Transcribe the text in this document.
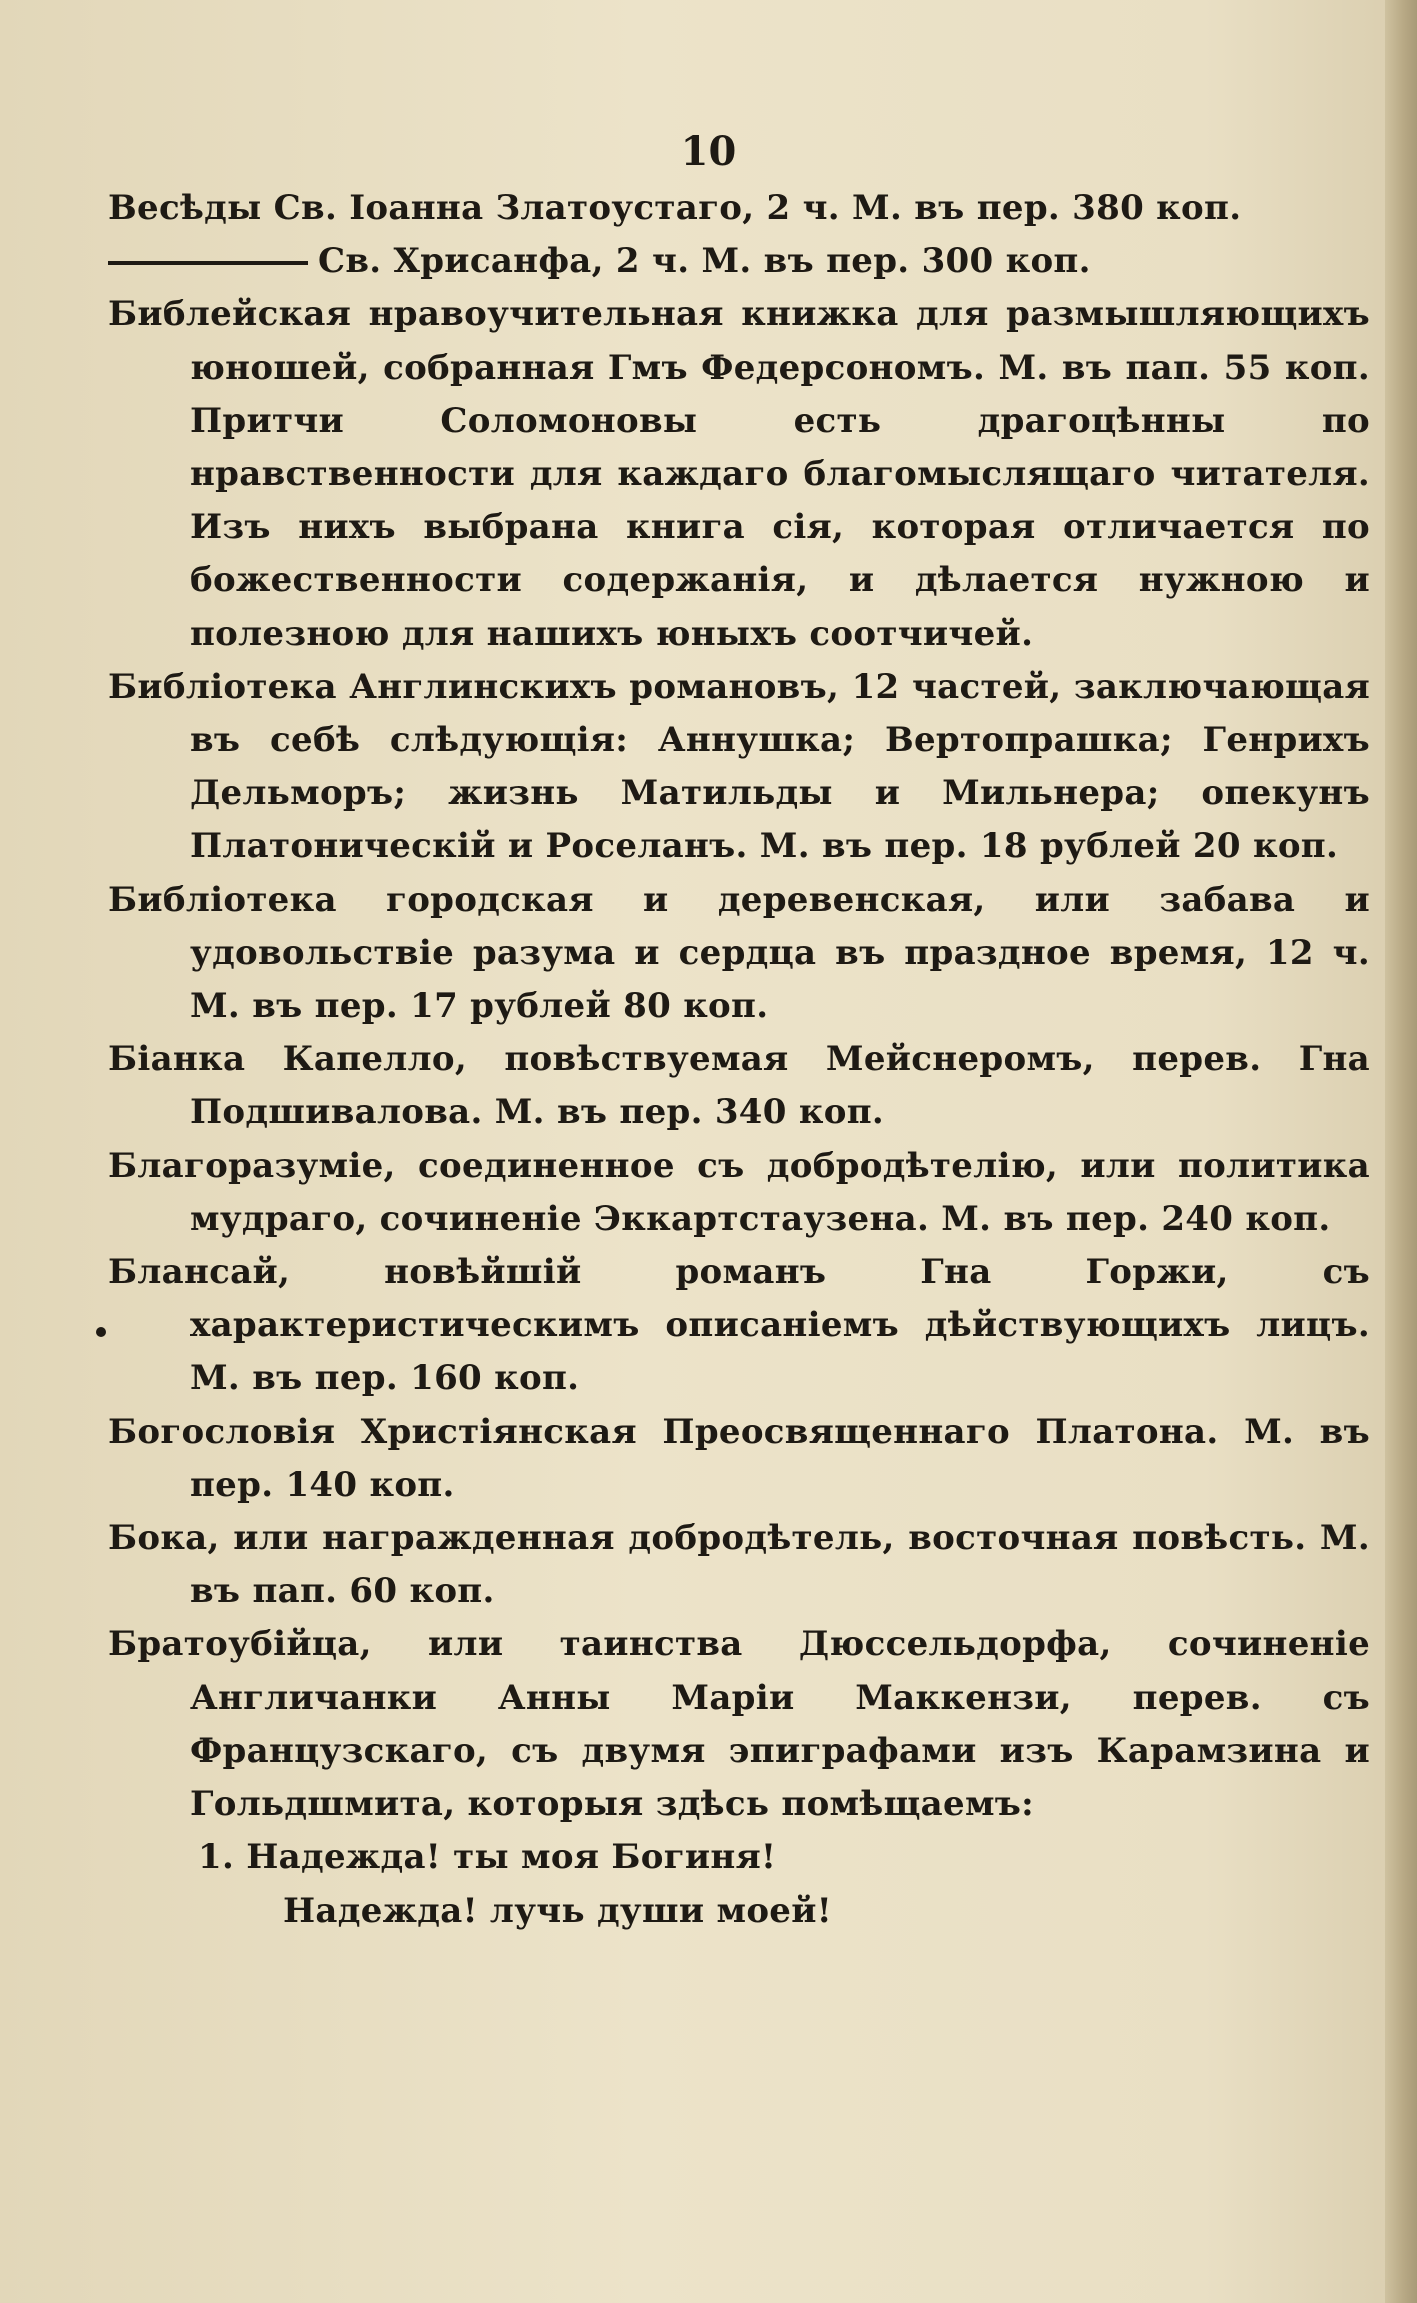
10

Весѣды Св. Іоанна Златоустаго, 2 ч. М. въ пер. 380 коп.

Св. Хрисанфа, 2 ч. М. въ пер. 300 коп.

Библейская нравоучительная книжка для размышляющихъ юношей, собранная Гмъ Федерсономъ. М. въ пап. 55 коп. Притчи Соломоновы есть драгоцѣнны по нравственности для каждаго благомыслящаго читателя. Изъ нихъ выбрана книга сія, которая отличается по божественности содержанія, и дѣлается нужною и полезною для нашихъ юныхъ соотчичей.

Библіотека Англинскихъ романовъ, 12 частей, заключающая въ себѣ слѣдующія: Аннушка; Вертопрашка; Генрихъ Дельморъ; жизнь Матильды и Мильнера; опекунъ Платоническій и Роселанъ. М. въ пер. 18 рублей 20 коп.

Библіотека городская и деревенская, или забава и удовольствіе разума и сердца въ праздное время, 12 ч. М. въ пер. 17 рублей 80 коп.

Біанка Капелло, повѣствуемая Мейснеромъ, перев. Гна Подшивалова. М. въ пер. 340 коп.

Благоразуміе, соединенное съ добродѣтелію, или политика мудраго, сочиненіе Эккартстаузена. М. въ пер. 240 коп.

Блансай,	новѣйшій романъ Гна Горжи, съ характеристическимъ описаніемъ дѣйствующихъ лицъ. М. въ пер. 160 коп.

Богословія Христіянская Преосвященнаго Платона. М. въ пер. 140 коп.

Бока, или награжденная добродѣтель, восточная повѣсть. М. въ пап. 60 коп.

Братоубійца, или таинства Дюссельдорфа, сочиненіе Англичанки Анны Маріи Маккензи, перев. съ Французскаго, съ двумя эпиграфами изъ Карамзина и Гольдшмита, которыя здѣсь помѣщаемъ:

1. Надежда! ты моя Богиня!

Надежда! лучь души моей!
